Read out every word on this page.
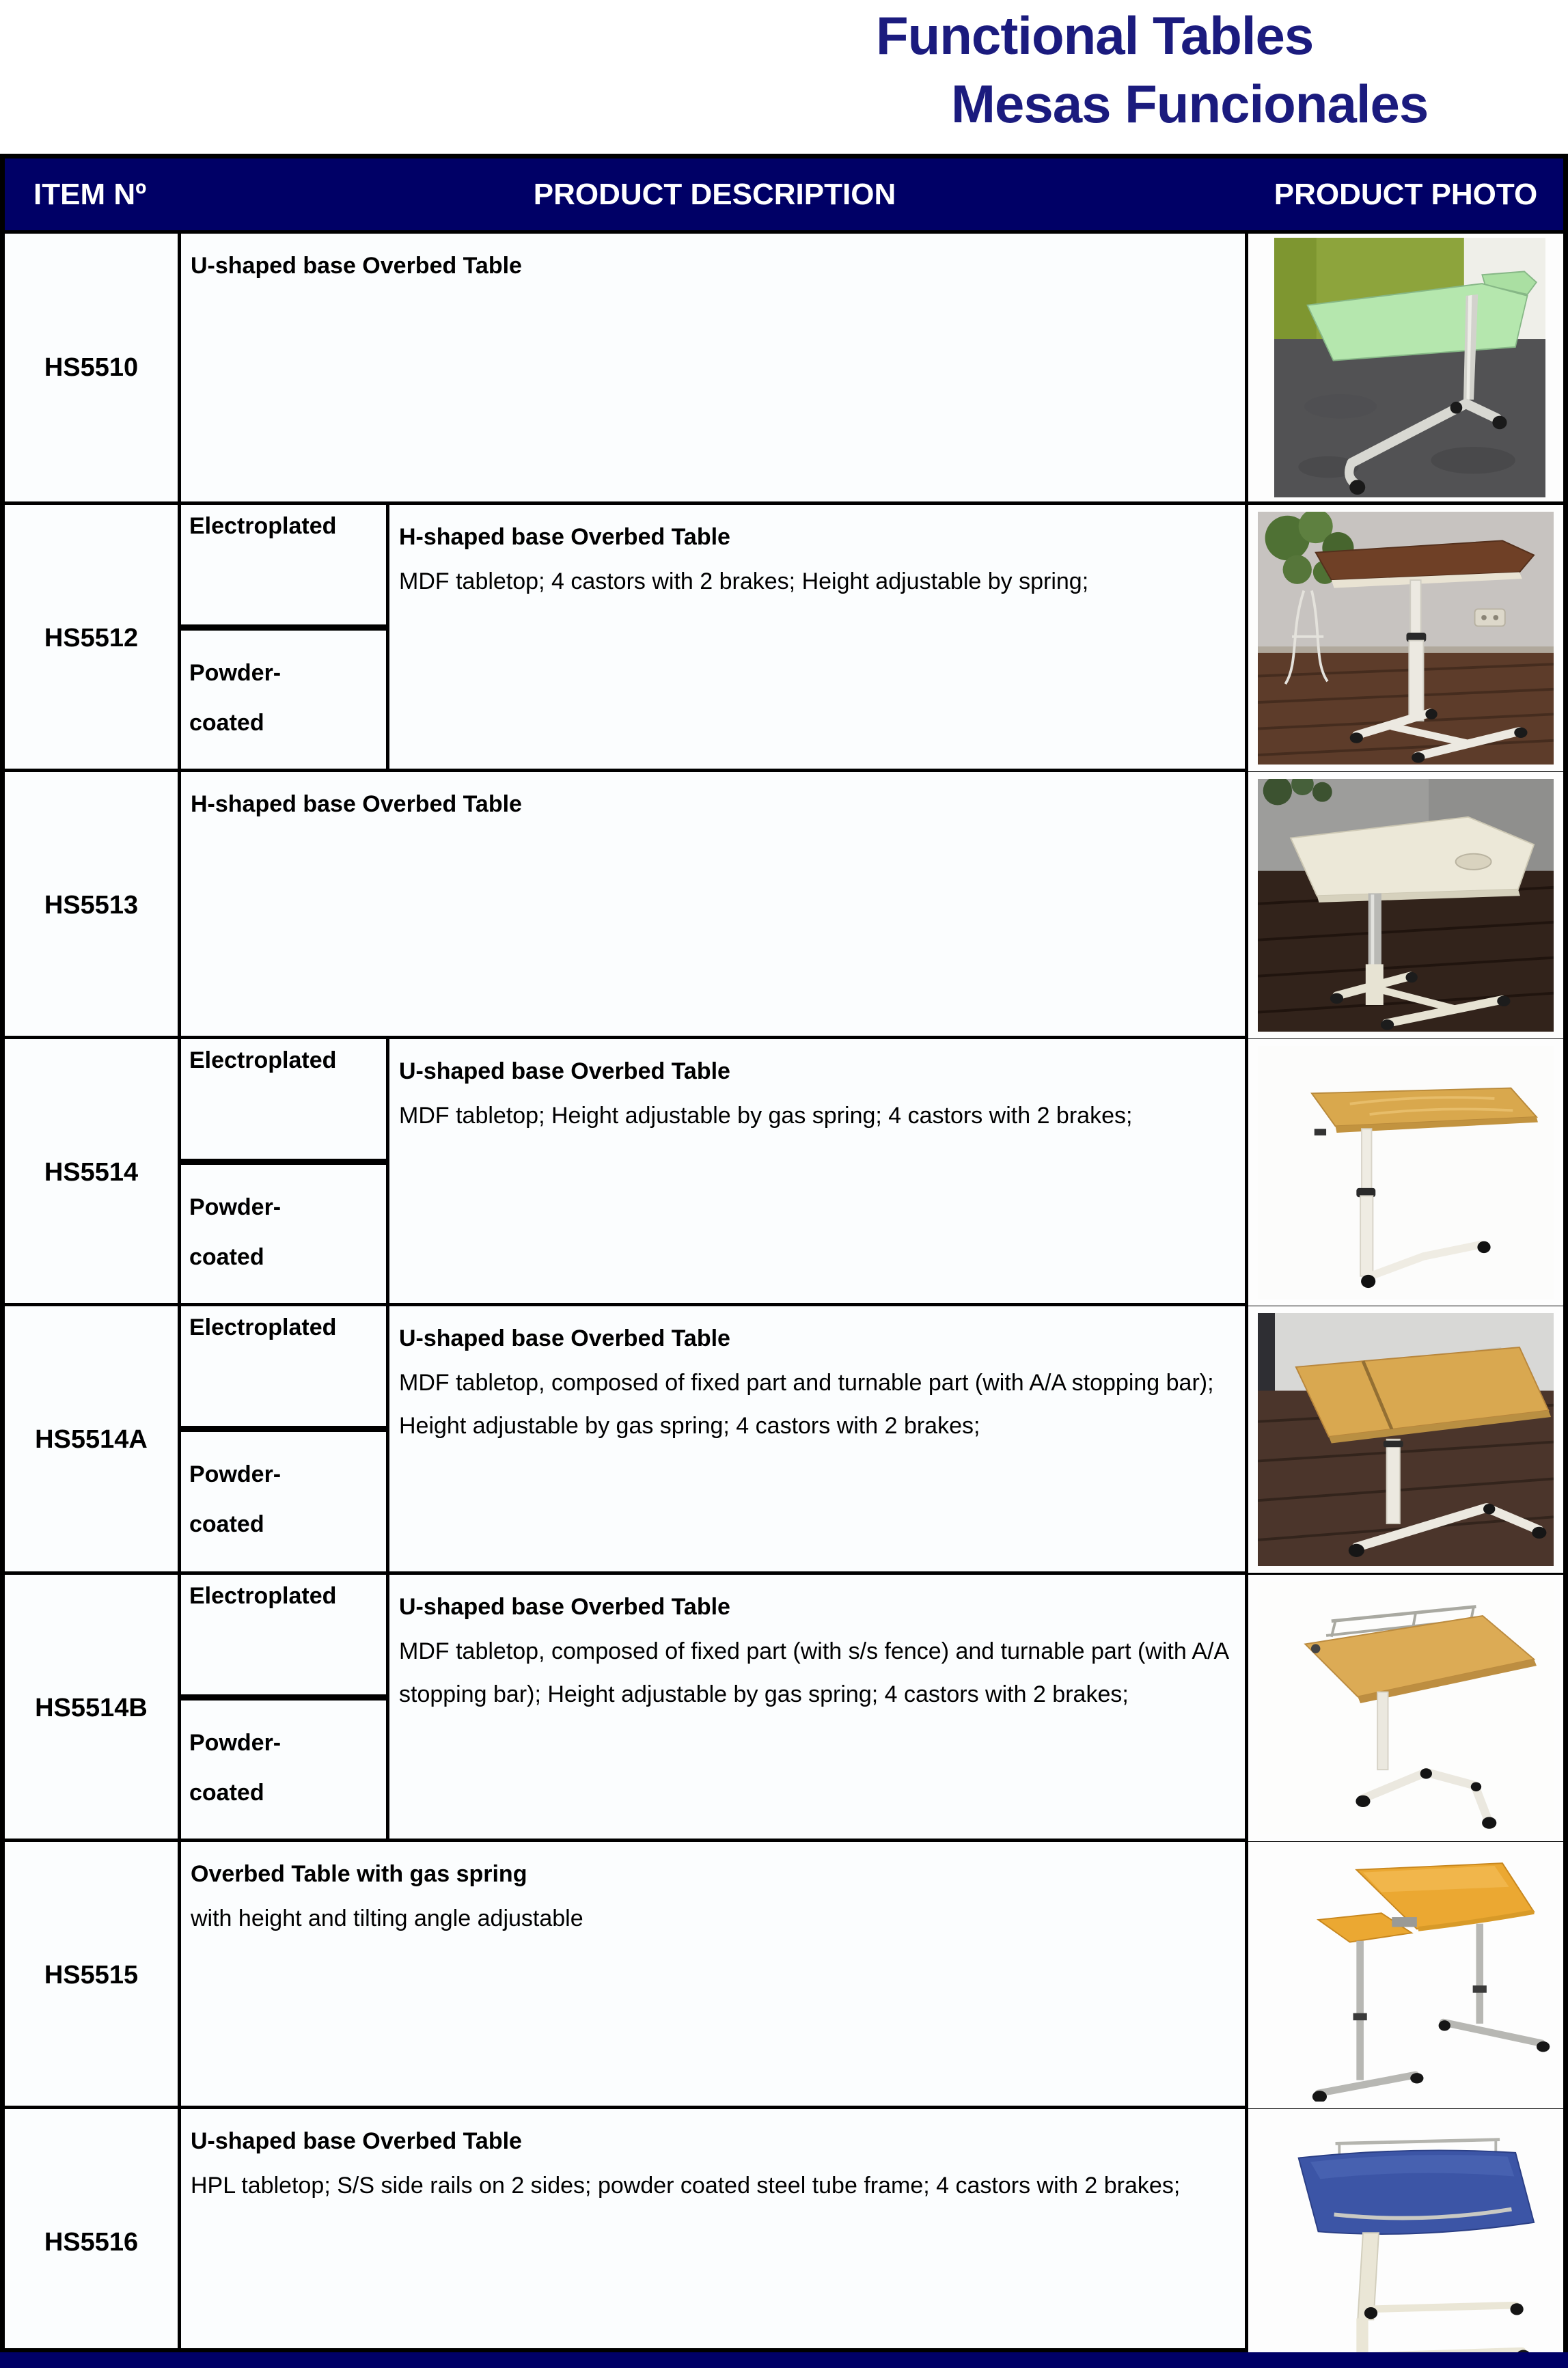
Functional Tables
Mesas Funcionales
ITEM Nº	PRODUCT DESCRIPTION	PRODUCT PHOTO
HS5510
U-shaped base Overbed Table
HS5512
Electroplated
Powder-coated
H-shaped base Overbed Table
MDF tabletop; 4 castors with 2 brakes; Height adjustable by spring;
HS5513
H-shaped base Overbed Table
HS5514
Electroplated
Powder-coated
U-shaped base Overbed Table
MDF tabletop; Height adjustable by gas spring; 4 castors with 2 brakes;
HS5514A
Electroplated
Powder-coated
U-shaped base Overbed Table
MDF tabletop, composed of fixed part and turnable part (with A/A stopping bar); Height adjustable by gas spring; 4 castors with 2 brakes;
HS5514B
Electroplated
Powder-coated
U-shaped base Overbed Table
MDF tabletop, composed of fixed part (with s/s fence) and turnable part (with A/A stopping bar); Height adjustable by gas spring; 4 castors with 2 brakes;
HS5515
Overbed Table with gas spring
with height and tilting angle adjustable
HS5516
U-shaped base Overbed Table
HPL tabletop; S/S side rails on 2 sides; powder coated steel tube frame; 4 castors with 2 brakes;
